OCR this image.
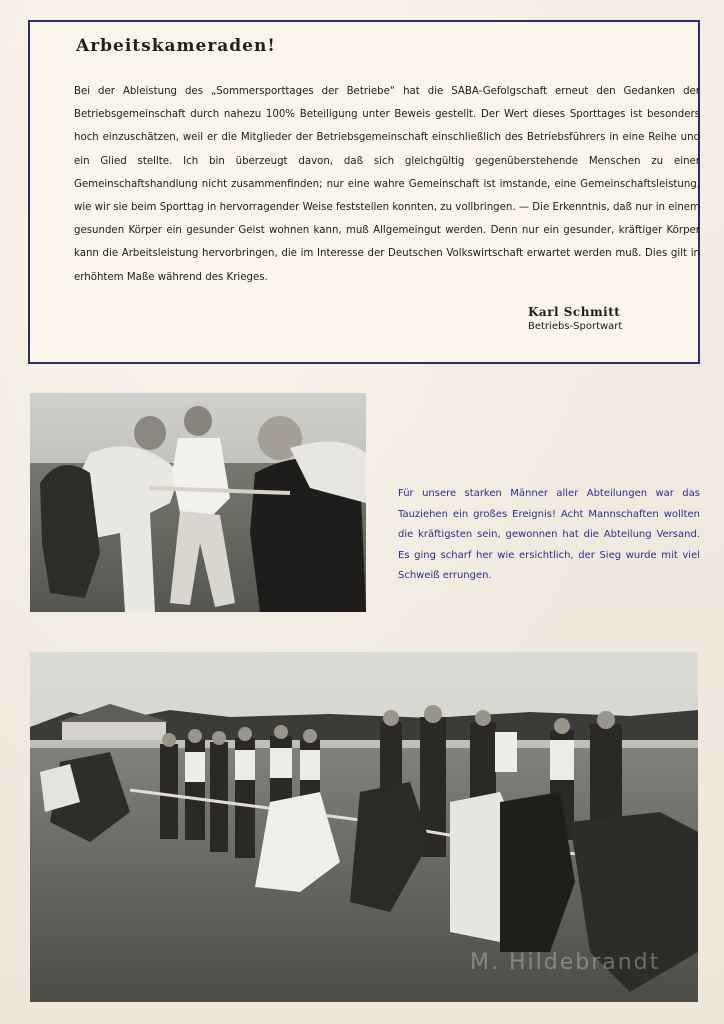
Arbeitskameraden!
Bei der Ableistung des „Sommersporttages der Betriebe“ hat die SABA-Gefolgschaft erneut den Gedanken der Betriebsgemeinschaft durch nahezu 100% Beteiligung unter Beweis gestellt. Der Wert dieses Sporttages ist besonders hoch einzuschätzen, weil er die Mitglieder der Betriebsgemeinschaft einschließlich des Betriebsführers in eine Reihe und ein Glied stellte. Ich bin überzeugt davon, daß sich gleichgültig gegenüberstehende Menschen zu einer Gemeinschaftshandlung nicht zusammenfinden; nur eine wahre Gemeinschaft ist imstande, eine Gemeinschaftsleistung, wie wir sie beim Sporttag in hervorragender Weise feststellen konnten, zu vollbringen. — Die Erkenntnis, daß nur in einem gesunden Körper ein gesunder Geist wohnen kann, muß Allgemeingut werden. Denn nur ein gesunder, kräftiger Körper kann die Arbeitsleistung hervorbringen, die im Interesse der Deutschen Volkswirtschaft erwartet werden muß. Dies gilt in erhöhtem Maße während des Krieges.
Karl Schmitt
Betriebs-Sportwart
Für unsere starken Männer aller Abteilungen war das Tauziehen ein großes Ereignis! Acht Mannschaften wollten die kräftigsten sein, gewonnen hat die Abteilung Versand. Es ging scharf her wie ersichtlich, der Sieg wurde mit viel Schweiß errungen.
M. Hildebrandt
